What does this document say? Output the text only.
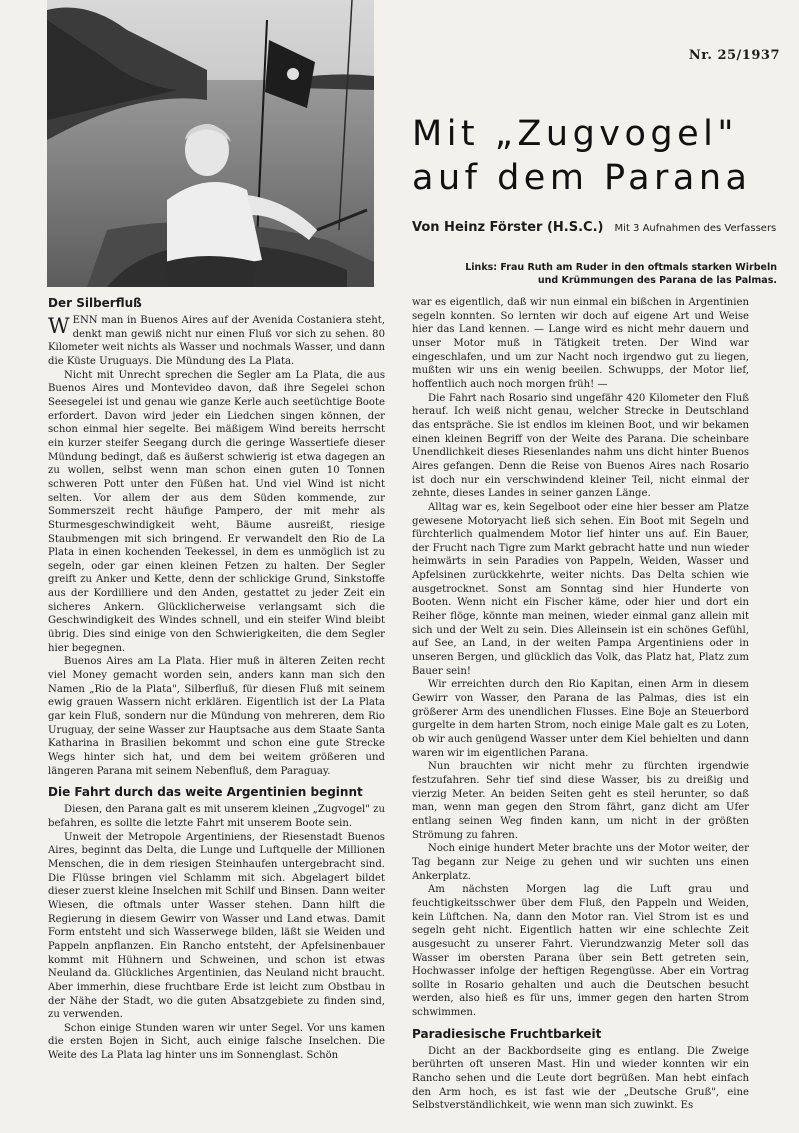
Nr. 25/1937
Mit „Zugvogel"
auf dem Parana
Von Heinz Förster (H.S.C.) Mit 3 Aufnahmen des Verfassers

Links: Frau Ruth am Ruder in den oftmals starken Wirbeln
und Krümmungen des Parana de las Palmas.

Der Silberfluß

WENN man in Buenos Aires auf der Avenida Costaniera steht, denkt man gewiß nicht nur einen Fluß vor sich zu sehen. 80 Kilometer weit nichts als Wasser und nochmals Wasser, und dann die Küste Uruguays. Die Mündung des La Plata.

Nicht mit Unrecht sprechen die Segler am La Plata, die aus Buenos Aires und Montevideo davon, daß ihre Segelei schon Seesegelei ist und genau wie ganze Kerle auch seetüchtige Boote erfordert. Davon wird jeder ein Liedchen singen können, der schon einmal hier segelte. Bei mäßigem Wind bereits herrscht ein kurzer steifer Seegang durch die geringe Wassertiefe dieser Mündung bedingt, daß es äußerst schwierig ist etwa dagegen an zu wollen, selbst wenn man schon einen guten 10 Tonnen schweren Pott unter den Füßen hat. Und viel Wind ist nicht selten. Vor allem der aus dem Süden kommende, zur Sommerszeit recht häufige Pampero, der mit mehr als Sturmesgeschwindigkeit weht, Bäume ausreißt, riesige Staubmengen mit sich bringend. Er verwandelt den Rio de La Plata in einen kochenden Teekessel, in dem es unmöglich ist zu segeln, oder gar einen kleinen Fetzen zu halten. Der Segler greift zu Anker und Kette, denn der schlickige Grund, Sinkstoffe aus der Kordilliere und den Anden, gestattet zu jeder Zeit ein sicheres Ankern. Glücklicherweise verlangsamt sich die Geschwindigkeit des Windes schnell, und ein steifer Wind bleibt übrig. Dies sind einige von den Schwierigkeiten, die dem Segler hier begegnen.

Buenos Aires am La Plata. Hier muß in älteren Zeiten recht viel Money gemacht worden sein, anders kann man sich den Namen „Rio de la Plata", Silberfluß, für diesen Fluß mit seinem ewig grauen Wassern nicht erklären. Eigentlich ist der La Plata gar kein Fluß, sondern nur die Mündung von mehreren, dem Rio Uruguay, der seine Wasser zur Hauptsache aus dem Staate Santa Katharina in Brasilien bekommt und schon eine gute Strecke Wegs hinter sich hat, und dem bei weitem größeren und längeren Parana mit seinem Nebenfluß, dem Paraguay.

Die Fahrt durch das weite Argentinien beginnt

Diesen, den Parana galt es mit unserem kleinen „Zugvogel" zu befahren, es sollte die letzte Fahrt mit unserem Boote sein.

Unweit der Metropole Argentiniens, der Riesenstadt Buenos Aires, beginnt das Delta, die Lunge und Luftquelle der Millionen Menschen, die in dem riesigen Steinhaufen untergebracht sind. Die Flüsse bringen viel Schlamm mit sich. Abgelagert bildet dieser zuerst kleine Inselchen mit Schilf und Binsen. Dann weiter Wiesen, die oftmals unter Wasser stehen. Dann hilft die Regierung in diesem Gewirr von Wasser und Land etwas. Damit Form entsteht und sich Wasserwege bilden, läßt sie Weiden und Pappeln anpflanzen. Ein Rancho entsteht, der Apfelsinenbauer kommt mit Hühnern und Schweinen, und schon ist etwas Neuland da. Glückliches Argentinien, das Neuland nicht braucht. Aber immerhin, diese fruchtbare Erde ist leicht zum Obstbau in der Nähe der Stadt, wo die guten Absatzgebiete zu finden sind, zu verwenden.

Schon einige Stunden waren wir unter Segel. Vor uns kamen die ersten Bojen in Sicht, auch einige falsche Inselchen. Die Weite des La Plata lag hinter uns im Sonnenglast. Schön

war es eigentlich, daß wir nun einmal ein bißchen in Argentinien segeln konnten. So lernten wir doch auf eigene Art und Weise hier das Land kennen. — Lange wird es nicht mehr dauern und unser Motor muß in Tätigkeit treten. Der Wind war eingeschlafen, und um zur Nacht noch irgendwo gut zu liegen, mußten wir uns ein wenig beeilen. Schwupps, der Motor lief, hoffentlich auch noch morgen früh! —

Die Fahrt nach Rosario sind ungefähr 420 Kilometer den Fluß herauf. Ich weiß nicht genau, welcher Strecke in Deutschland das entspräche. Sie ist endlos im kleinen Boot, und wir bekamen einen kleinen Begriff von der Weite des Parana. Die scheinbare Unendlichkeit dieses Riesenlandes nahm uns dicht hinter Buenos Aires gefangen. Denn die Reise von Buenos Aires nach Rosario ist doch nur ein verschwindend kleiner Teil, nicht einmal der zehnte, dieses Landes in seiner ganzen Länge.

Alltag war es, kein Segelboot oder eine hier besser am Platze gewesene Motoryacht ließ sich sehen. Ein Boot mit Segeln und fürchterlich qualmendem Motor lief hinter uns auf. Ein Bauer, der Frucht nach Tigre zum Markt gebracht hatte und nun wieder heimwärts in sein Paradies von Pappeln, Weiden, Wasser und Apfelsinen zurückkehrte, weiter nichts. Das Delta schien wie ausgetrocknet. Sonst am Sonntag sind hier Hunderte von Booten. Wenn nicht ein Fischer käme, oder hier und dort ein Reiher flöge, könnte man meinen, wieder einmal ganz allein mit sich und der Welt zu sein. Dies Alleinsein ist ein schönes Gefühl, auf See, an Land, in der weiten Pampa Argentiniens oder in unseren Bergen, und glücklich das Volk, das Platz hat, Platz zum Bauer sein!

Wir erreichten durch den Rio Kapitan, einen Arm in diesem Gewirr von Wasser, den Parana de las Palmas, dies ist ein größerer Arm des unendlichen Flusses. Eine Boje an Steuerbord gurgelte in dem harten Strom, noch einige Male galt es zu Loten, ob wir auch genügend Wasser unter dem Kiel behielten und dann waren wir im eigentlichen Parana.

Nun brauchten wir nicht mehr zu fürchten irgendwie festzufahren. Sehr tief sind diese Wasser, bis zu dreißig und vierzig Meter. An beiden Seiten geht es steil herunter, so daß man, wenn man gegen den Strom fährt, ganz dicht am Ufer entlang seinen Weg finden kann, um nicht in der größten Strömung zu fahren.

Noch einige hundert Meter brachte uns der Motor weiter, der Tag begann zur Neige zu gehen und wir suchten uns einen Ankerplatz.

Am nächsten Morgen lag die Luft grau und feuchtigkeitsschwer über dem Fluß, den Pappeln und Weiden, kein Lüftchen. Na, dann den Motor ran. Viel Strom ist es und segeln geht nicht. Eigentlich hatten wir eine schlechte Zeit ausgesucht zu unserer Fahrt. Vierundzwanzig Meter soll das Wasser im obersten Parana über sein Bett getreten sein, Hochwasser infolge der heftigen Regengüsse. Aber ein Vortrag sollte in Rosario gehalten und auch die Deutschen besucht werden, also hieß es für uns, immer gegen den harten Strom schwimmen.

Paradiesische Fruchtbarkeit

Dicht an der Backbordseite ging es entlang. Die Zweige berührten oft unseren Mast. Hin und wieder konnten wir ein Rancho sehen und die Leute dort begrüßen. Man hebt einfach den Arm hoch, es ist fast wie der „Deutsche Gruß", eine Selbstverständlichkeit, wie wenn man sich zuwinkt. Es
